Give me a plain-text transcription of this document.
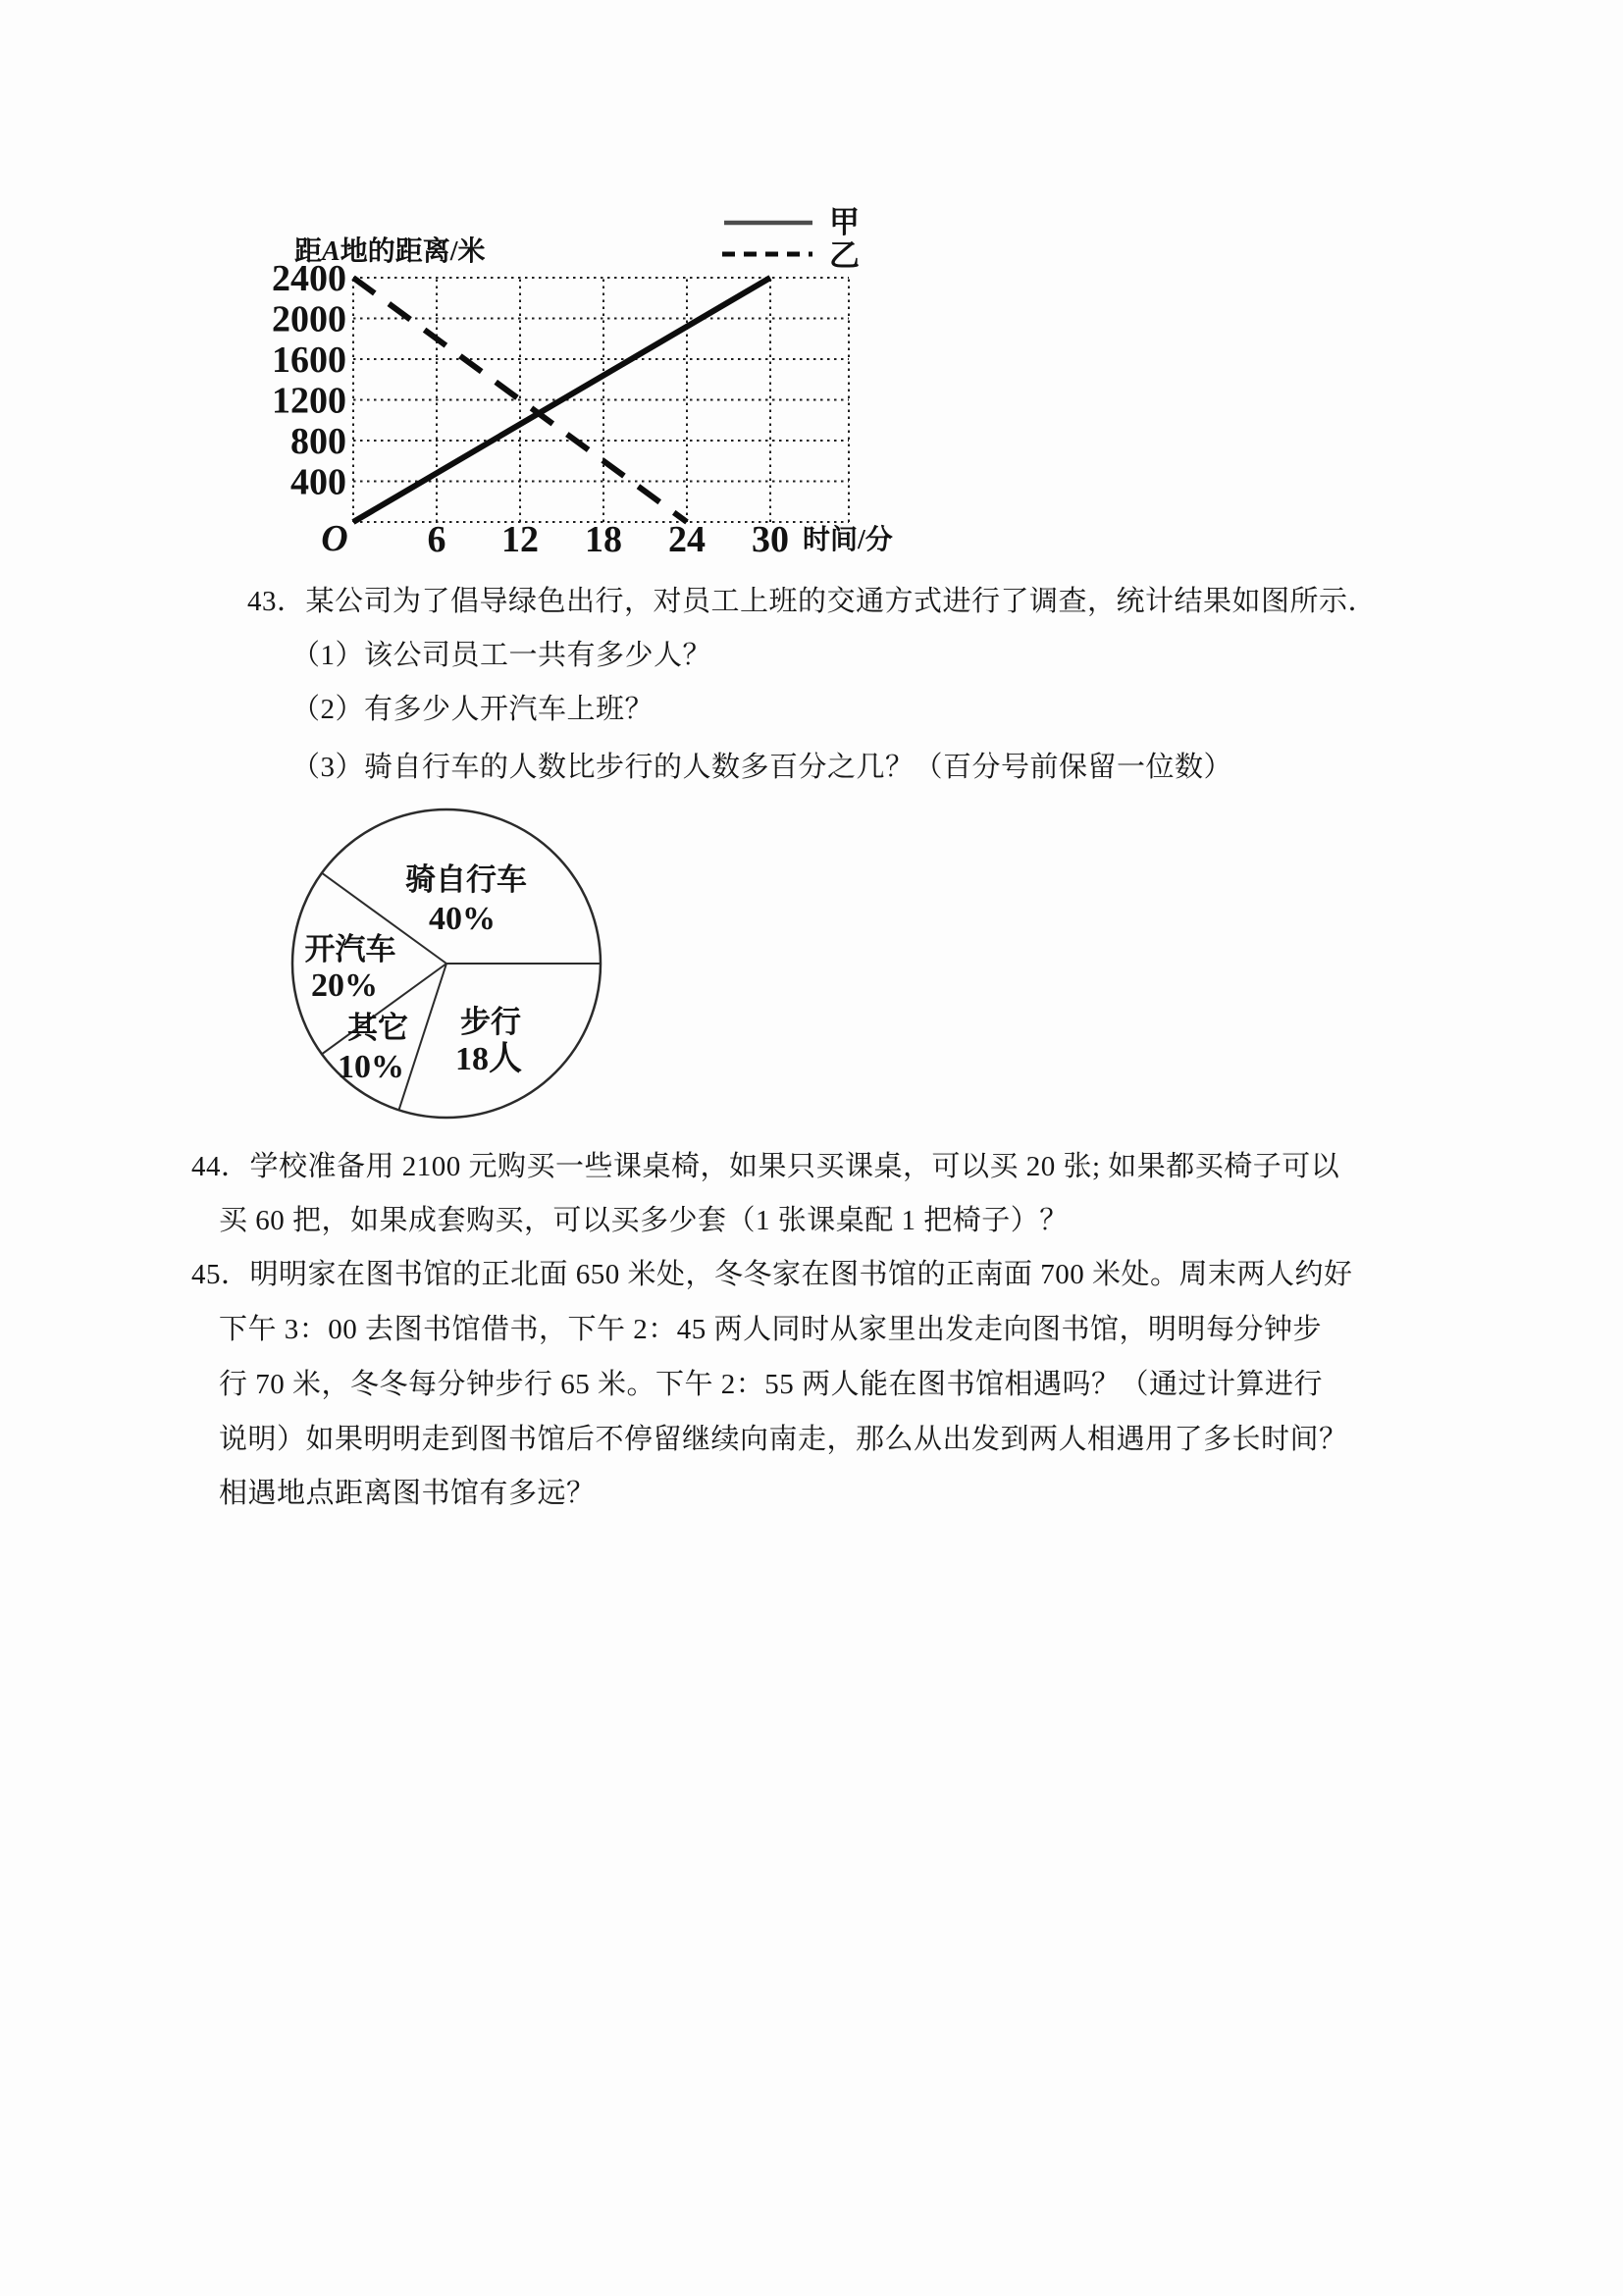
400
800
1200
1600
2000
2400
6 12 18 24 30
O
距A地的距离/米
时间/分
甲
乙
43．某公司为了倡导绿色出行，对员工上班的交通方式进行了调查，统计结果如图所示．
（1）该公司员工一共有多少人？
（2）有多少人开汽车上班？
（3）骑自行车的人数比步行的人数多百分之几？（百分号前保留一位数）
骑自行车
40%
开汽车
20%
其它
10%
步行
18人
44．学校准备用 2100 元购买一些课桌椅，如果只买课桌，可以买 20 张; 如果都买椅子可以
买 60 把，如果成套购买，可以买多少套（1 张课桌配 1 把椅子）？
45．明明家在图书馆的正北面 650 米处，冬冬家在图书馆的正南面 700 米处。周末两人约好
下午 3：00 去图书馆借书，下午 2：45 两人同时从家里出发走向图书馆，明明每分钟步
行 70 米，冬冬每分钟步行 65 米。下午 2：55 两人能在图书馆相遇吗？（通过计算进行
说明）如果明明走到图书馆后不停留继续向南走，那么从出发到两人相遇用了多长时间？
相遇地点距离图书馆有多远？
